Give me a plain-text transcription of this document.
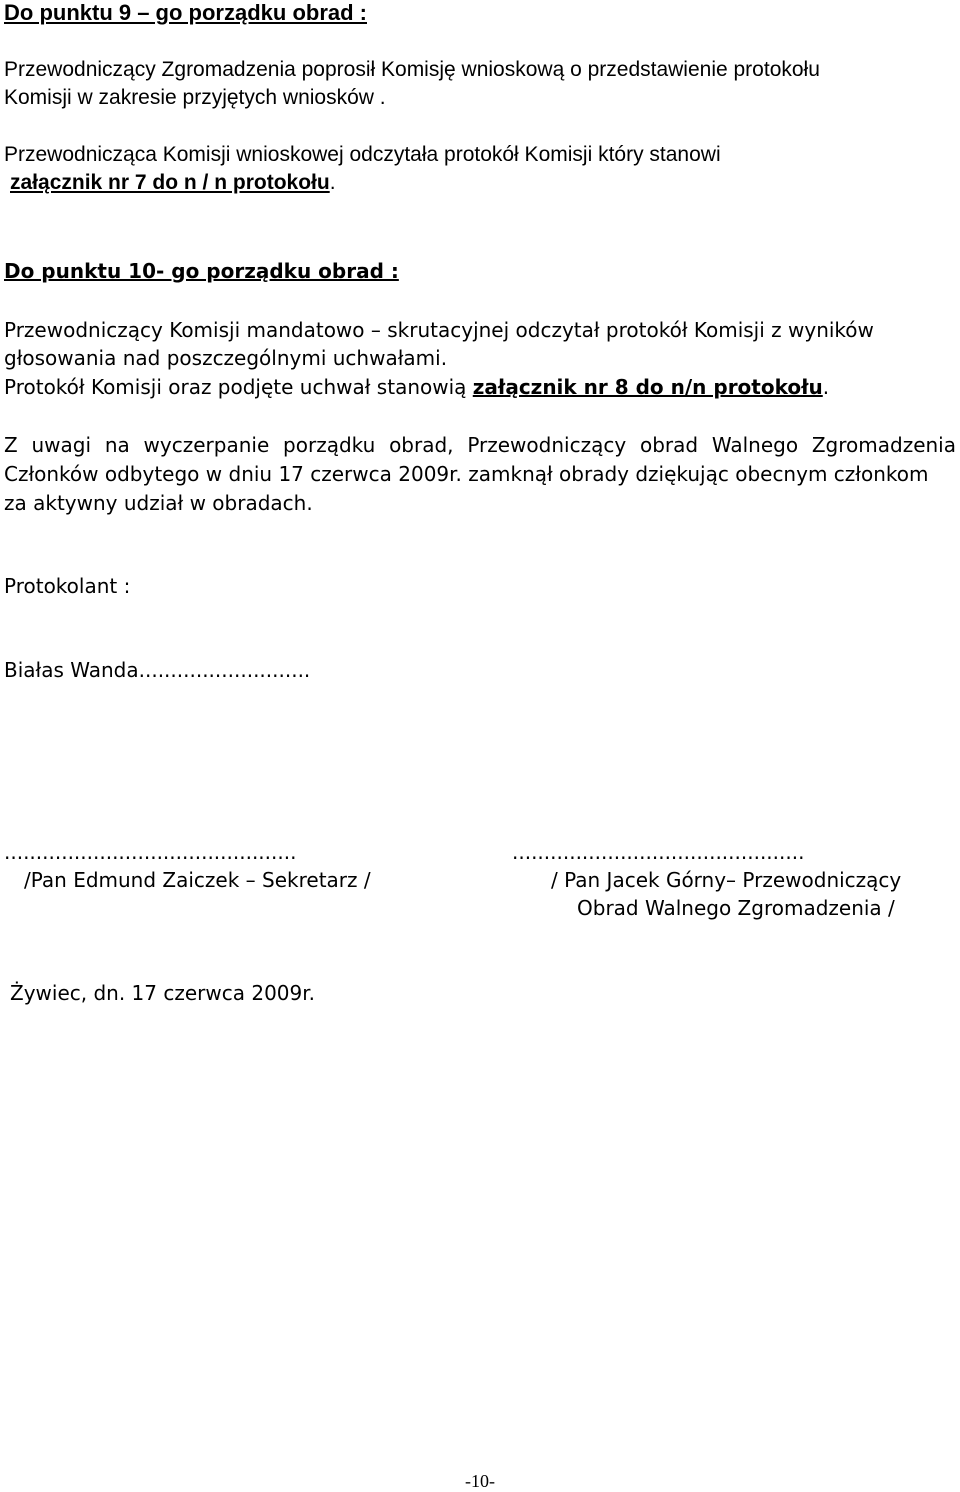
Do punktu 9 – go porządku obrad :
Przewodniczący Zgromadzenia poprosił Komisję wnioskową o przedstawienie protokołu
Komisji w zakresie przyjętych wniosków .
Przewodnicząca Komisji wnioskowej odczytała protokół Komisji który stanowi
załącznik nr 7 do n / n protokołu.
Do punktu 10- go porządku obrad :
Przewodniczący Komisji mandatowo – skrutacyjnej odczytał protokół Komisji z wyników
głosowania nad poszczególnymi uchwałami.
Protokół Komisji oraz podjęte uchwał stanowią załącznik nr 8 do n/n protokołu.
Z uwagi na wyczerpanie porządku obrad, Przewodniczący obrad Walnego Zgromadzenia
Członków odbytego w dniu 17 czerwca 2009r. zamknął obrady dziękując obecnym członkom
za aktywny udział w obradach.
Protokolant :
Białas Wanda...........................
..............................................
/Pan Edmund Zaiczek – Sekretarz /
..............................................
/ Pan Jacek Górny– Przewodniczący
Obrad Walnego Zgromadzenia /
Żywiec, dn. 17 czerwca 2009r.
-10-
